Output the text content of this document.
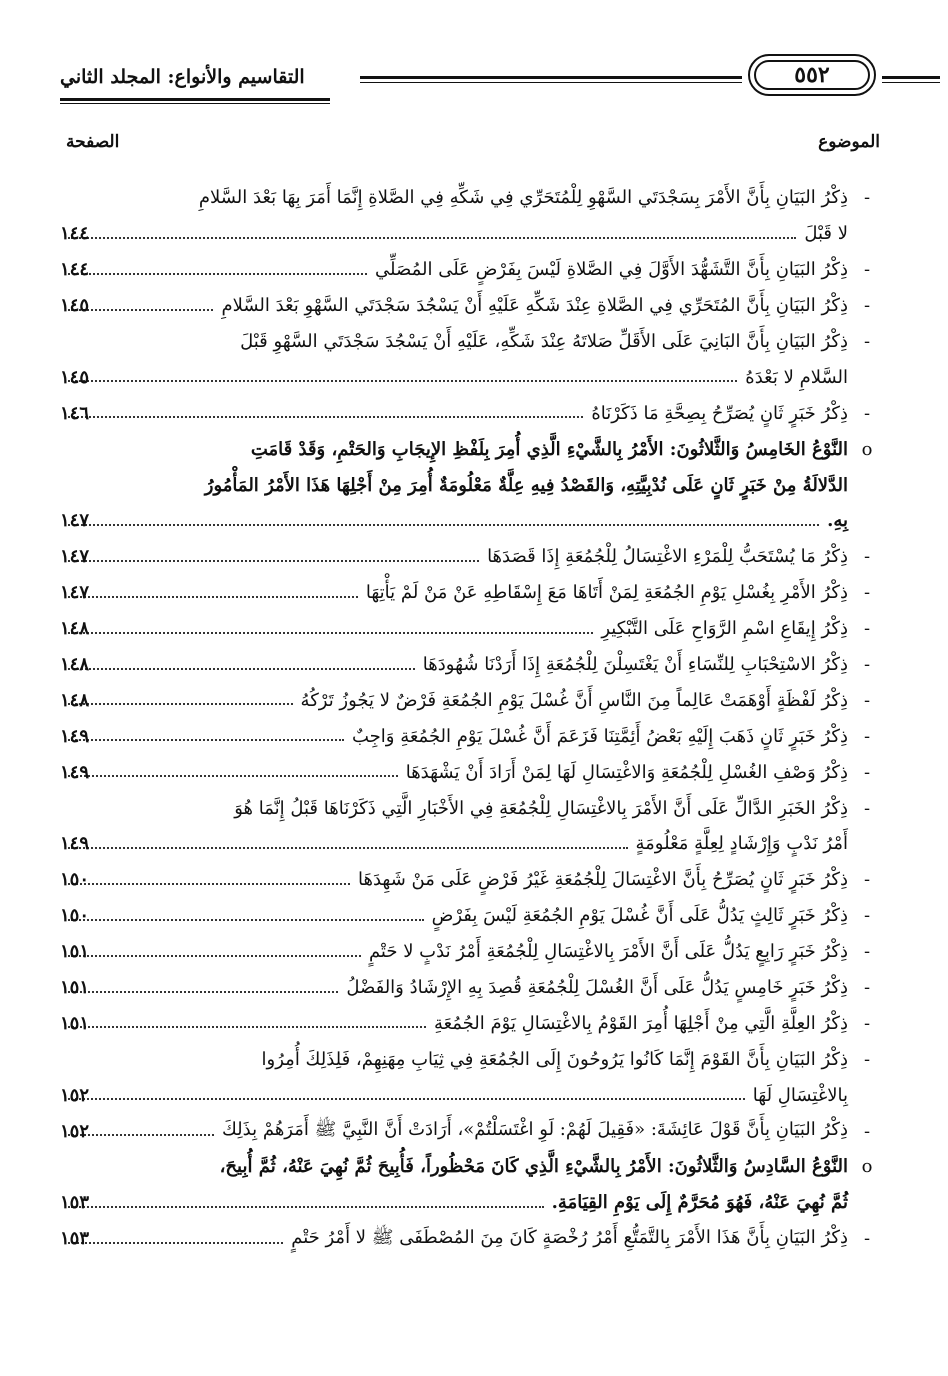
التقاسيم والأنواع: المجلد الثاني	٥٥٢
الموضوع
الصفحة
-
ذِكْرُ البَيَانِ بِأَنَّ الأَمْرَ بِسَجْدَتَي السَّهْوِ لِلْمُتَحَرِّي فِي شَكِّهِ فِي الصَّلاةِ إِنَّمَا أَمَرَ بِهَا بَعْدَ السَّلامِ
لا قَبْلَ
١٤٤
-
ذِكْرُ البَيَانِ بِأَنَّ التَّشَهُّدَ الأَوَّلَ فِي الصَّلاةِ لَيْسَ بِفَرْضٍ عَلَى المُصَلِّي
١٤٤
-
ذِكْرُ البَيَانِ بِأَنَّ المُتَحَرِّي فِي الصَّلاةِ عِنْدَ شَكِّهِ عَلَيْهِ أَنْ يَسْجُدَ سَجْدَتَي السَّهْوِ بَعْدَ السَّلامِ
١٤٥
-
ذِكْرُ البَيَانِ بِأَنَّ البَانِيَ عَلَى الأَقَلِّ صَلاتَهُ عِنْدَ شَكِّهِ، عَلَيْهِ أَنْ يَسْجُدَ سَجْدَتَي السَّهْوِ قَبْلَ
السَّلامِ لا بَعْدَهُ
١٤٥
-
ذِكْرُ خَبَرٍ ثَانٍ يُصَرِّحُ بِصِحَّةِ مَا ذَكَرْنَاهُ
١٤٦
o
النَّوْعُ الخَامِسُ وَالثَّلاثُونَ: الأَمْرُ بِالشَّيْءِ الَّذِي أُمِرَ بِلَفْظِ الإِيجَابِ وَالحَتْمِ، وَقَدْ قَامَتِ
الدَّلالَةُ مِنْ خَبَرٍ ثَانٍ عَلَى نُدْبِيَّتِهِ، وَالقَصْدُ فِيهِ عِلَّةٌ مَعْلُومَةٌ أُمِرَ مِنْ أَجْلِهَا هَذَا الأَمْرُ المَأْمُورُ
بِهِ.
١٤٧
-
ذِكْرُ مَا يُسْتَحَبُّ لِلْمَرْءِ الاغْتِسَالُ لِلْجُمُعَةِ إِذَا قَصَدَهَا
١٤٧
-
ذِكْرُ الأَمْرِ بِغُسْلِ يَوْمِ الجُمُعَةِ لِمَنْ أَتَاهَا مَعَ إِسْقَاطِهِ عَنْ مَنْ لَمْ يَأْتِهَا
١٤٧
-
ذِكْرُ إِيقَاعِ اسْمِ الرَّوَاحِ عَلَى التَّبْكِيرِ
١٤٨
-
ذِكْرُ الاسْتِحْبَابِ لِلنِّسَاءِ أَنْ يَغْتَسِلْنَ لِلْجُمُعَةِ إِذَا أَرَدْنَا شُهُودَهَا
١٤٨
-
ذِكْرُ لَفْظَةٍ أَوْهَمَتْ عَالِماً مِنَ النَّاسِ أَنَّ غُسْلَ يَوْمِ الجُمُعَةِ فَرْضٌ لا يَجُوزُ تَرْكُهُ
١٤٨
-
ذِكْرُ خَبَرٍ ثَانٍ ذَهَبَ إِلَيْهِ بَعْضُ أَئِمَّتِنَا فَزَعَمَ أَنَّ غُسْلَ يَوْمِ الجُمُعَةِ وَاجِبٌ
١٤٩
-
ذِكْرُ وَصْفِ الغُسْلِ لِلْجُمُعَةِ وَالاغْتِسَالِ لَهَا لِمَنْ أَرَادَ أَنْ يَشْهَدَهَا
١٤٩
-
ذِكْرُ الخَبَرِ الدَّالِّ عَلَى أَنَّ الأَمْرَ بِالاغْتِسَالِ لِلْجُمُعَةِ فِي الأَخْبَارِ الَّتِي ذَكَرْنَاهَا قَبْلُ إِنَّمَا هُوَ
أَمْرُ نَدْبٍ وَإِرْشَادٍ لِعِلَّةٍ مَعْلُومَةٍ
١٤٩
-
ذِكْرُ خَبَرٍ ثَانٍ يُصَرِّحُ بِأَنَّ الاغْتِسَالَ لِلْجُمُعَةِ غَيْرُ فَرْضٍ عَلَى مَنْ شَهِدَهَا
١٥٠
-
ذِكْرُ خَبَرٍ ثَالِثٍ يَدُلُّ عَلَى أَنَّ غُسْلَ يَوْمِ الجُمُعَةِ لَيْسَ بِفَرْضٍ
١٥٠
-
ذِكْرُ خَبَرٍ رَابِعٍ يَدُلُّ عَلَى أَنَّ الأَمْرَ بِالاغْتِسَالِ لِلْجُمُعَةِ أَمْرُ نَدْبٍ لا حَتْمٍ
١٥١
-
ذِكْرُ خَبَرٍ خَامِسٍ يَدُلُّ عَلَى أَنَّ الغُسْلَ لِلْجُمُعَةِ قُصِدَ بِهِ الإِرْشَادُ وَالفَضْلُ
١٥١
-
ذِكْرُ العِلَّةِ الَّتِي مِنْ أَجْلِهَا أُمِرَ القَوْمُ بِالاغْتِسَالِ يَوْمَ الجُمُعَةِ
١٥١
-
ذِكْرُ البَيَانِ بِأَنَّ القَوْمَ إِنَّمَا كَانُوا يَرُوحُونَ إِلَى الجُمُعَةِ فِي ثِيَابِ مِهَنِهِمْ، فَلِذَلِكَ أُمِرُوا
بِالاغْتِسَالِ لَهَا
١٥٢
-
ذِكْرُ البَيَانِ بِأَنَّ قَوْلَ عَائِشَةَ: «فَقِيلَ لَهُمْ: لَوِ اغْتَسَلْتُمْ»، أَرَادَتْ أَنَّ النَّبِيَّ ﷺ أَمَرَهُمْ بِذَلِكَ
١٥٢
o
النَّوْعُ السَّادِسُ وَالثَّلاثُونَ: الأَمْرُ بِالشَّيْءِ الَّذِي كَانَ مَحْظُوراً، فَأُبِيحَ ثُمَّ نُهِيَ عَنْهُ، ثُمَّ أُبِيحَ،
ثُمَّ نُهِيَ عَنْهُ، فَهُوَ مُحَرَّمٌ إِلَى يَوْمِ القِيَامَةِ.
١٥٣
-
ذِكْرُ البَيَانِ بِأَنَّ هَذَا الأَمْرَ بِالتَّمَتُّعِ أَمْرُ رُخْصَةٍ كَانَ مِنَ المُصْطَفَى ﷺ لا أَمْرُ حَتْمٍ
١٥٣
